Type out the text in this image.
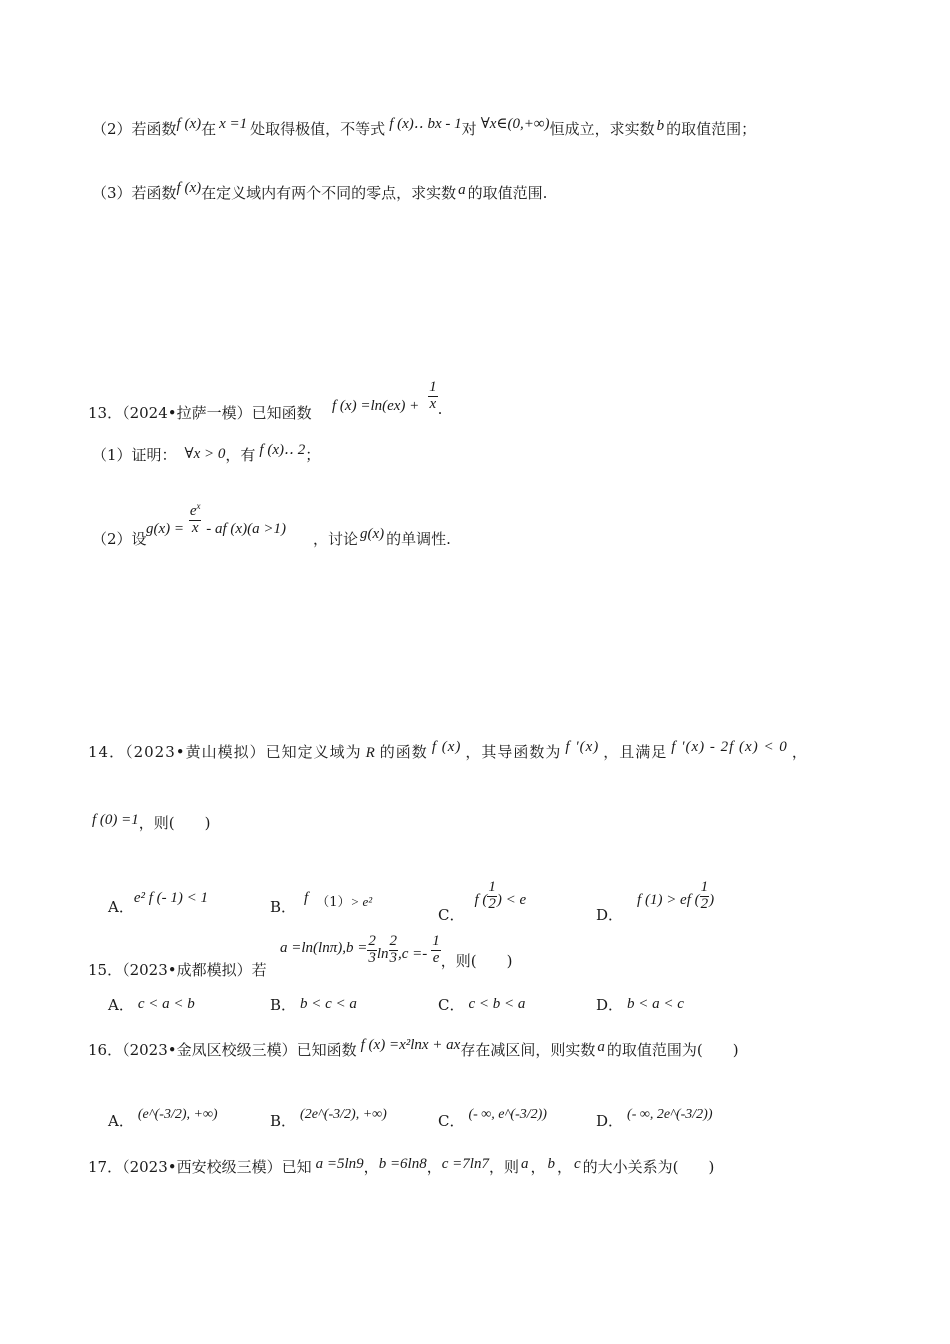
（2）若函数f (x)在 x =1 处取得极值，不等式 f (x)‥ bx - 1对 ∀x∈(0,+∞)恒成立，求实数 b 的取值范围；
（3）若函数f (x)在定义域内有两个不同的零点，求实数 a 的取值范围.
13．（2024•拉萨一模）已知函数 f $(x) =\ln(ex) + \frac{1}{x}$ .
（1）证明： ∀x > 0，有 f (x)‥ 2；
（2）设
$g(x) = \frac{e^x}{x}$ - af (x)(a >1)
，讨论 g(x) 的单调性.
14．（2023•黄山模拟）已知定义域为 R 的函数 f (x) ，其导函数为 f ′(x) ，且满足 f ′(x) - 2f (x) < 0 ，
f (0) =1，则(　　)
A．e² f (- 1) < 1	B． f （1）> e²
C．f ( $\frac{1}{2}$ ) < e
D．f (1) > ef ( $\frac{1}{2}$ )
15．（2023•成都模拟）若
$a =\ln(\ln\pi),b = \frac{2}{3}$ $\ln \frac{2}{3} ,c =- \frac{1}{e}$ ，则(　　)
A． c < a < b	B． b < c < a	C． c < b < a	D． b < a < c
16．（2023•金凤区校级三模）已知函数 f (x) =x²lnx + ax存在减区间，则实数 a 的取值范围为(　　)
A． (e^(-3/2), +∞)	B． (2e^(-3/2), +∞)	C． (- ∞, e^(-3/2))	D． (- ∞, 2e^(-3/2))
17．（2023•西安校级三模）已知 a =5ln9，b =6ln8，c =7ln7，则 a ， b ， c 的大小关系为(　　)
